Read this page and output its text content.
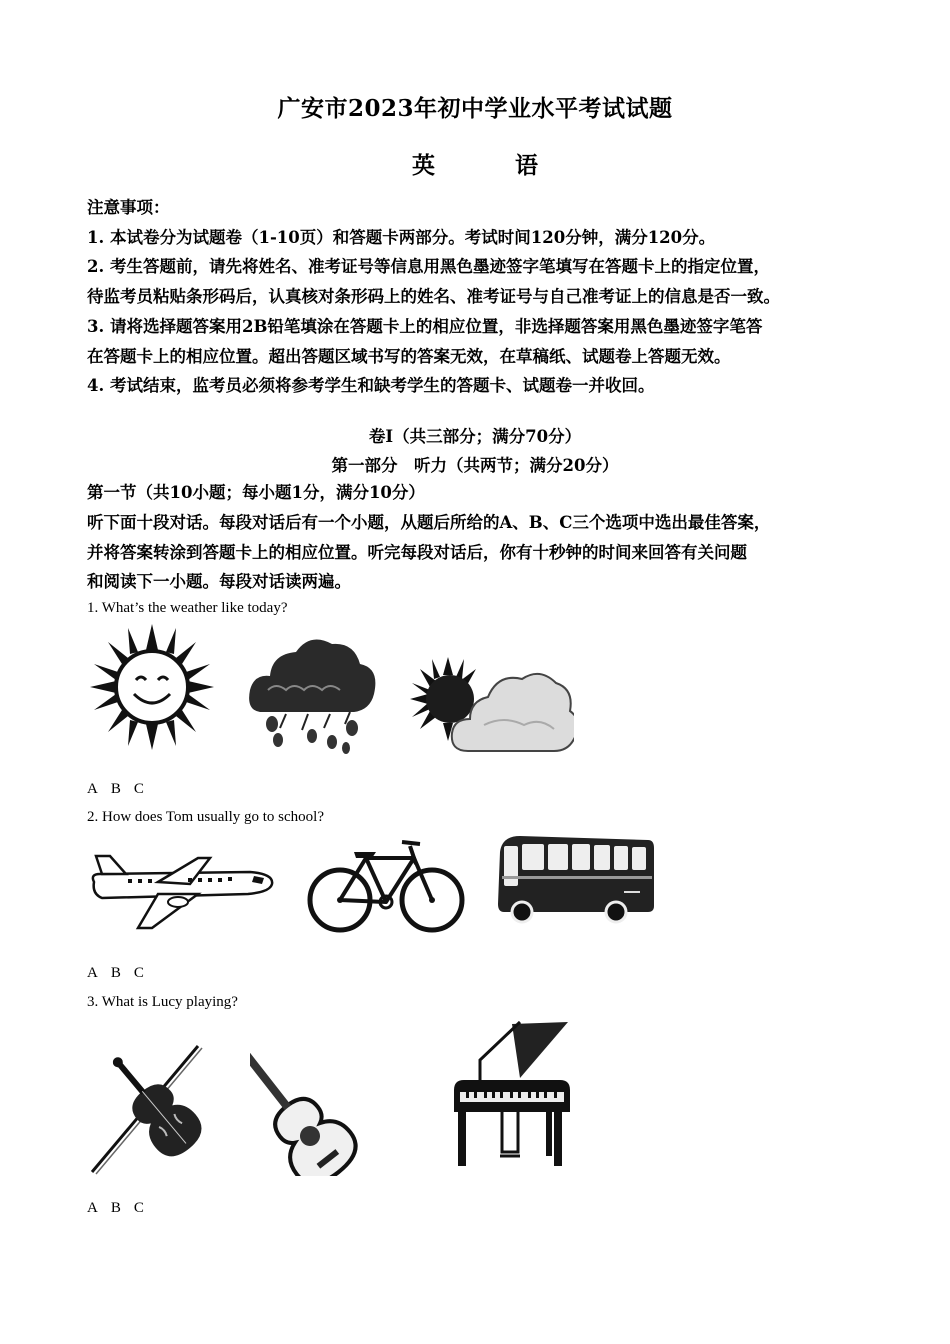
广安市2023年初中学业水平考试试题
英 语
注意事项：
1. 本试卷分为试题卷（1-10页）和答题卡两部分。考试时间120分钟，满分120分。
2. 考生答题前，请先将姓名、准考证号等信息用黑色墨迹签字笔填写在答题卡上的指定位置，
待监考员粘贴条形码后，认真核对条形码上的姓名、准考证号与自己准考证上的信息是否一致。
3. 请将选择题答案用2B铅笔填涂在答题卡上的相应位置，非选择题答案用黑色墨迹签字笔答
在答题卡上的相应位置。超出答题区域书写的答案无效，在草稿纸、试题卷上答题无效。
4. 考试结束，监考员必须将参考学生和缺考学生的答题卡、试题卷一并收回。
卷Ⅰ（共三部分；满分70分）
第一部分　听力（共两节；满分20分）
第一节（共10小题；每小题1分，满分10分）
听下面十段对话。每段对话后有一个小题，从题后所给的A、B、C三个选项中选出最佳答案，
并将答案转涂到答题卡上的相应位置。听完每段对话后，你有十秒钟的时间来回答有关问题
和阅读下一小题。每段对话读两遍。
1. What’s the weather like today?
A B C
2. How does Tom usually go to school?
A B C
3. What is Lucy playing?
A B C
